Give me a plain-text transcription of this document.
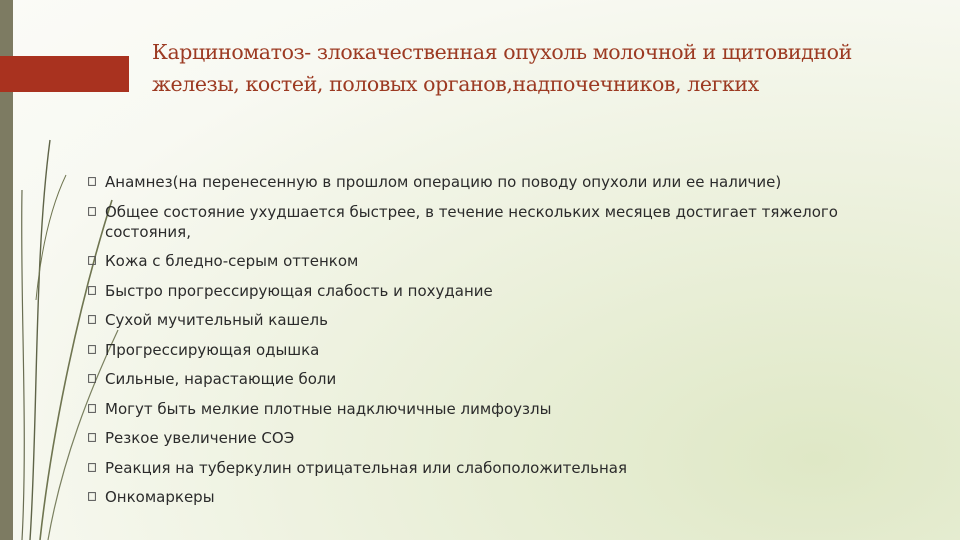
Карциноматоз- злокачественная опухоль молочной и щитовидной
железы, костей, половых органов,надпочечников, легких
Анамнез(на перенесенную в прошлом операцию по поводу опухоли или ее наличие)
Общее состояние ухудшается быстрее, в течение нескольких месяцев достигает тяжелого состояния,
Кожа с бледно-серым оттенком
Быстро прогрессирующая слабость и похудание
Сухой мучительный кашель
Прогрессирующая одышка
Сильные, нарастающие боли
Могут быть мелкие плотные надключичные лимфоузлы
Резкое увеличение СОЭ
Реакция на туберкулин отрицательная или слабоположительная
Онкомаркеры
